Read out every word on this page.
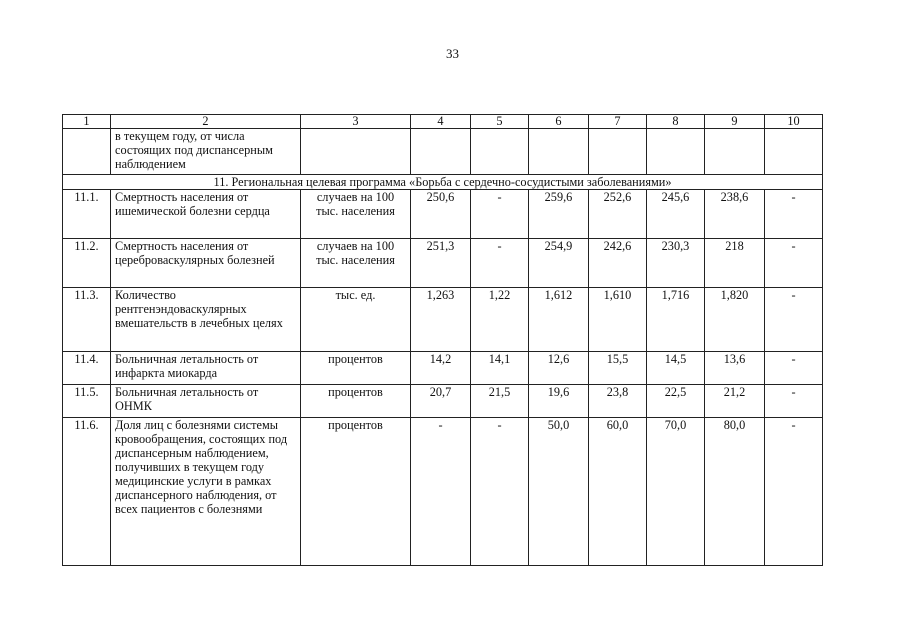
33
1	2	3	4	5	6	7	8	9	10
	в текущем году, от числа состоящих под диспансерным наблюдением								
11. Региональная целевая программа «Борьба с сердечно-сосудистыми заболеваниями»									
11.1.	Смертность населения от ишемической болезни сердца	случаев на 100 тыс. населения	250,6	-	259,6	252,6	245,6	238,6	-
11.2.	Смертность населения от цереброваскулярных болезней	случаев на 100 тыс. населения	251,3	-	254,9	242,6	230,3	218	-
11.3.	Количество рентгенэндоваскулярных вмешательств в лечебных целях	тыс. ед.	1,263	1,22	1,612	1,610	1,716	1,820	-
11.4.	Больничная летальность от инфаркта миокарда	процентов	14,2	14,1	12,6	15,5	14,5	13,6	-
11.5.	Больничная летальность от ОНМК	процентов	20,7	21,5	19,6	23,8	22,5	21,2	-
11.6.	Доля лиц с болезнями системы кровообращения, состоящих под диспансерным наблюдением, получивших в текущем году медицинские услуги в рамках диспансерного наблюдения, от всех пациентов с болезнями	процентов	-	-	50,0	60,0	70,0	80,0	-
